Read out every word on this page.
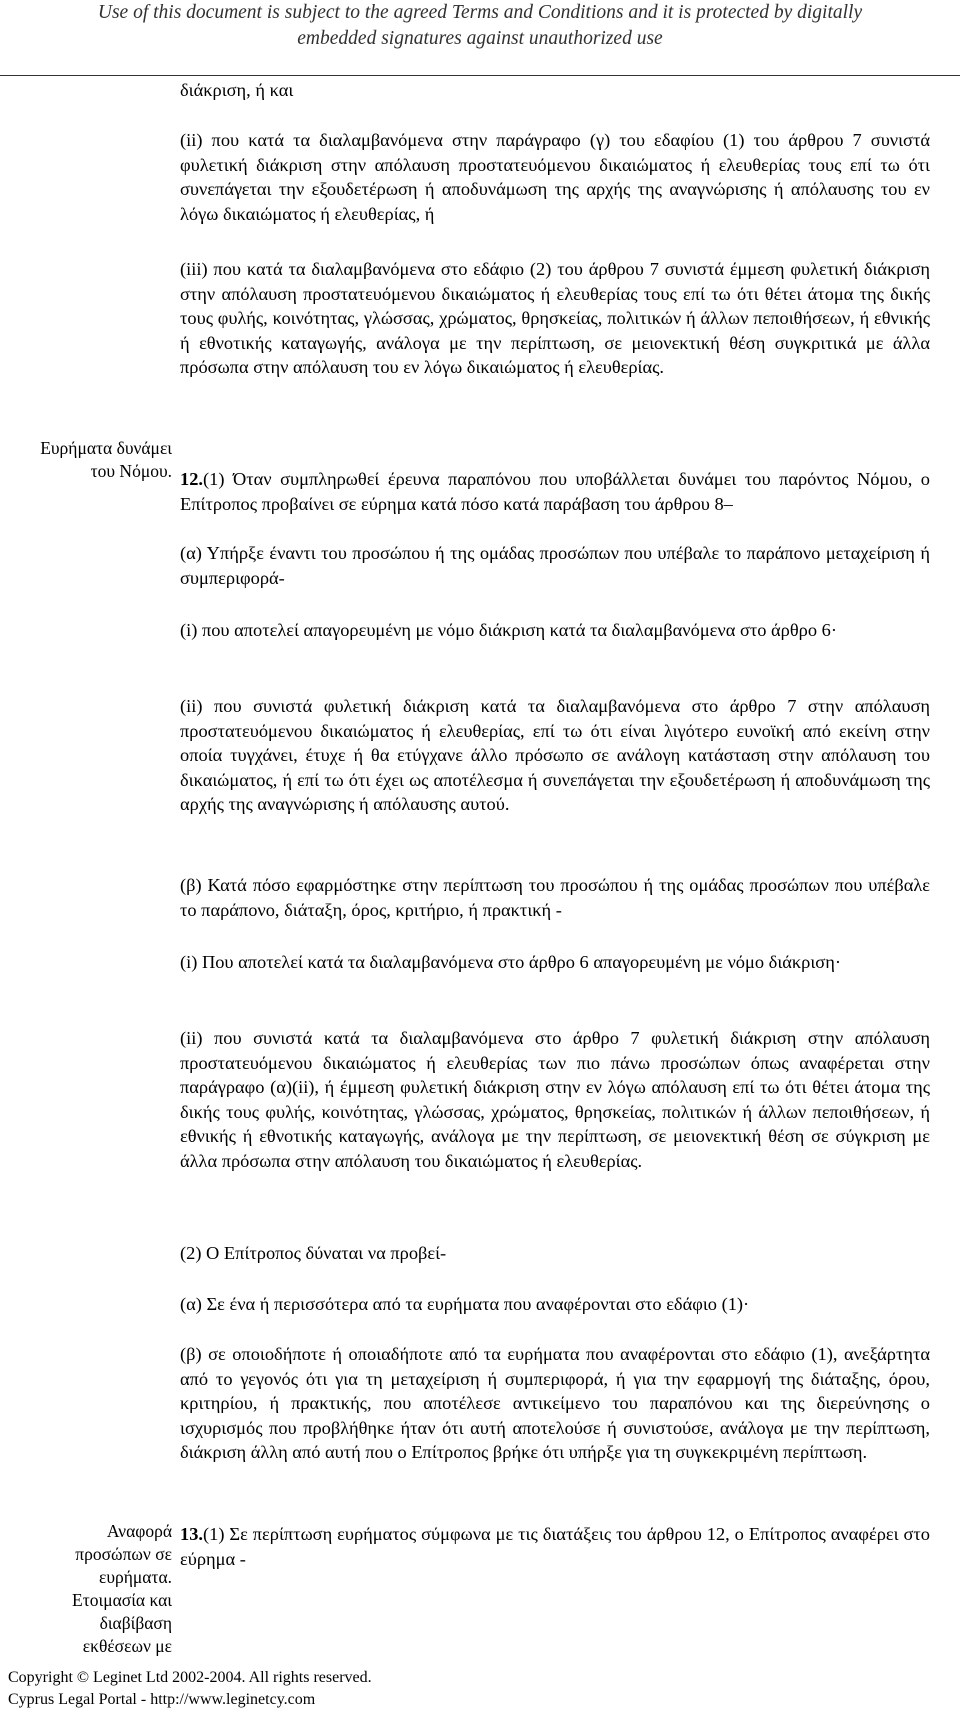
Use of this document is subject to the agreed Terms and Conditions and it is protected by digitally
embedded signatures against unauthorized use

διάκριση, ή και

(ii) που κατά τα διαλαμβανόμενα στην παράγραφο (γ) του εδαφίου (1) του άρθρου 7 συνιστά φυλετική διάκριση στην απόλαυση προστατευόμενου δικαιώματος ή ελευθερίας τους επί τω ότι συνεπάγεται την εξουδετέρωση ή αποδυνάμωση της αρχής της αναγνώρισης ή απόλαυσης του εν λόγω δικαιώματος ή ελευθερίας, ή

(iii) που κατά τα διαλαμβανόμενα στο εδάφιο (2) του άρθρου 7 συνιστά έμμεση φυλετική διάκριση στην απόλαυση προστατευόμενου δικαιώματος ή ελευθερίας τους επί τω ότι θέτει άτομα της δικής τους φυλής, κοινότητας, γλώσσας, χρώματος, θρησκείας, πολιτικών ή άλλων πεποιθήσεων, ή εθνικής ή εθνοτικής καταγωγής, ανάλογα με την περίπτωση, σε μειονεκτική θέση συγκριτικά με άλλα πρόσωπα στην απόλαυση του εν λόγω δικαιώματος ή ελευθερίας.

Ευρήματα δυνάμει
του Νόμου. 12.(1) Όταν συμπληρωθεί έρευνα παραπόνου που υποβάλλεται δυνάμει του παρόντος Νόμου, ο Επίτροπος προβαίνει σε εύρημα κατά πόσο κατά παράβαση του άρθρου 8–

(α) Υπήρξε έναντι του προσώπου ή της ομάδας προσώπων που υπέβαλε το παράπονο μεταχείριση ή συμπεριφορά-

(i) που αποτελεί απαγορευμένη με νόμο διάκριση κατά τα διαλαμβανόμενα στο άρθρο 6·

(ii) που συνιστά φυλετική διάκριση κατά τα διαλαμβανόμενα στο άρθρο 7 στην απόλαυση προστατευόμενου δικαιώματος ή ελευθερίας, επί τω ότι είναι λιγότερο ευνοϊκή από εκείνη στην οποία τυγχάνει, έτυχε ή θα ετύγχανε άλλο πρόσωπο σε ανάλογη κατάσταση στην απόλαυση του δικαιώματος, ή επί τω ότι έχει ως αποτέλεσμα ή συνεπάγεται την εξουδετέρωση ή αποδυνάμωση της αρχής της αναγνώρισης ή απόλαυσης αυτού.

(β) Κατά πόσο εφαρμόστηκε στην περίπτωση του προσώπου ή της ομάδας προσώπων που υπέβαλε το παράπονο, διάταξη, όρος, κριτήριο, ή πρακτική -

(i) Που αποτελεί κατά τα διαλαμβανόμενα στο άρθρο 6 απαγορευμένη με νόμο διάκριση·

(ii) που συνιστά κατά τα διαλαμβανόμενα στο άρθρο 7 φυλετική διάκριση στην απόλαυση προστατευόμενου δικαιώματος ή ελευθερίας των πιο πάνω προσώπων όπως αναφέρεται στην παράγραφο (α)(ii), ή έμμεση φυλετική διάκριση στην εν λόγω απόλαυση επί τω ότι θέτει άτομα της δικής τους φυλής, κοινότητας, γλώσσας, χρώματος, θρησκείας, πολιτικών ή άλλων πεποιθήσεων, ή εθνικής ή εθνοτικής καταγωγής, ανάλογα με την περίπτωση, σε μειονεκτική θέση σε σύγκριση με άλλα πρόσωπα στην απόλαυση του δικαιώματος ή ελευθερίας.

(2) Ο Επίτροπος δύναται να προβεί-

(α) Σε ένα ή περισσότερα από τα ευρήματα που αναφέρονται στο εδάφιο (1)·

(β) σε οποιοδήποτε ή οποιαδήποτε από τα ευρήματα που αναφέρονται στο εδάφιο (1), ανεξάρτητα από το γεγονός ότι για τη μεταχείριση ή συμπεριφορά, ή για την εφαρμογή της διάταξης, όρου, κριτηρίου, ή πρακτικής, που αποτέλεσε αντικείμενο του παραπόνου και της διερεύνησης ο ισχυρισμός που προβλήθηκε ήταν ότι αυτή αποτελούσε ή συνιστούσε, ανάλογα με την περίπτωση, διάκριση άλλη από αυτή που ο Επίτροπος βρήκε ότι υπήρξε για τη συγκεκριμένη περίπτωση.

Αναφορά
προσώπων σε
ευρήματα.
Ετοιμασία και
διαβίβαση
εκθέσεων με

13.(1) Σε περίπτωση ευρήματος σύμφωνα με τις διατάξεις του άρθρου 12, ο Επίτροπος αναφέρει στο εύρημα -

Copyright © Leginet Ltd 2002-2004. All rights reserved.
Cyprus Legal Portal - http://www.leginetcy.com
